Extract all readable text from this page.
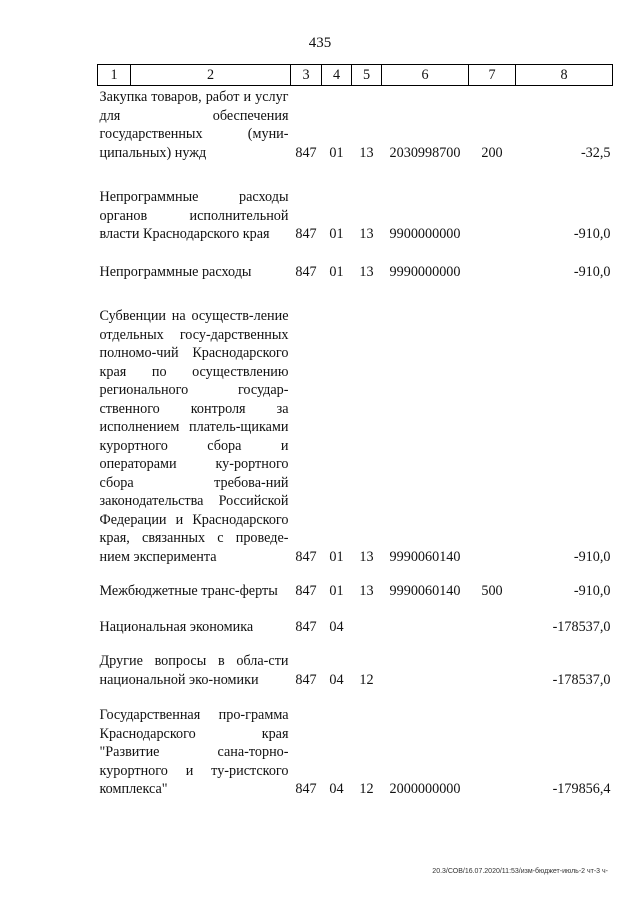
435
1	2	3	4	5	6	7	8

Закупка товаров, работ и услуг для обеспечения государственных (муни-ципальных) нужд		847	01	13	2030998700	200	-32,5

Непрограммные расходы органов исполнительной власти Краснодарского края		847	01	13	9900000000		-910,0

Непрограммные расходы		847	01	13	9990000000		-910,0

Субвенции на осуществ-ление отдельных госу-дарственных полномо-чий Краснодарского края по осуществлению регионального государ-ственного контроля за исполнением платель-щиками курортного сбора и операторами ку-рортного сбора требова-ний законодательства Российской Федерации и Краснодарского края, связанных с проведе-нием эксперимента		847	01	13	9990060140		-910,0

Межбюджетные транс-ферты		847	01	13	9990060140	500	-910,0

Национальная экономика		847	04				-178537,0

Другие вопросы в обла-сти национальной эко-номики		847	04	12			-178537,0

Государственная про-грамма Краснодарского края "Развитие сана-торно-курортного и ту-ристского комплекса"		847	04	12	2000000000		-179856,4
20.3/СОВ/16.07.2020/11:53/изм-бюджет-июль-2 чт-3 ч-
